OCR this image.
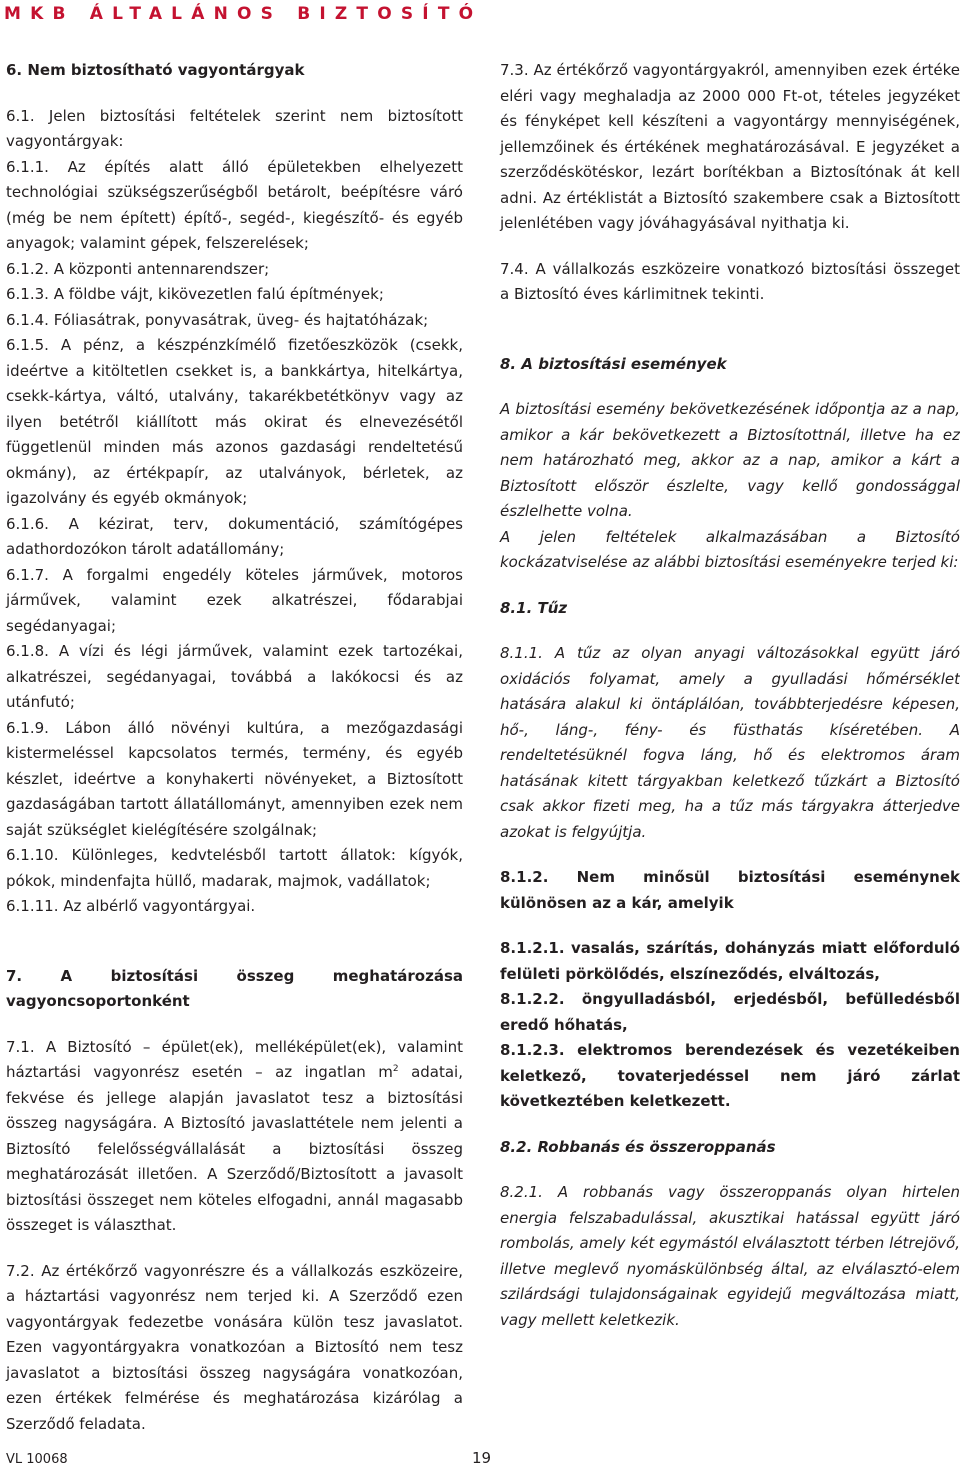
MKB ÁLTALÁNOS BIZTOSÍTÓ

6. Nem biztosítható vagyontárgyak

6.1. Jelen biztosítási feltételek szerint nem biztosított vagyontárgyak:

6.1.1. Az építés alatt álló épületekben elhelyezett technológiai szükségszerűségből betárolt, beépítésre váró (még be nem épített) építő-, segéd-, kiegészítő- és egyéb anyagok; valamint gépek, felszerelések;

6.1.2. A központi antennarendszer;

6.1.3. A földbe vájt, kikövezetlen falú építmények;

6.1.4. Fóliasátrak, ponyvasátrak, üveg- és hajtatóházak;

6.1.5. A pénz, a készpénzkímélő fizetőeszközök (csekk, ideértve a kitöltetlen csekket is, a bankkártya, hitelkártya, csekk-kártya, váltó, utalvány, takarékbetétkönyv vagy az ilyen betétről kiállított más okirat és elnevezésétől függetlenül minden más azonos gazdasági rendeltetésű okmány), az értékpapír, az utalványok, bérletek, az igazolvány és egyéb okmányok;

6.1.6. A kézirat, terv, dokumentáció, számítógépes adathordozókon tárolt adatállomány;

6.1.7. A forgalmi engedély köteles járművek, motoros járművek, valamint ezek alkatrészei, fődarabjai segédanyagai;

6.1.8. A vízi és légi járművek, valamint ezek tartozékai, alkatrészei, segédanyagai, továbbá a lakókocsi és az utánfutó;

6.1.9. Lábon álló növényi kultúra, a mezőgazdasági kistermeléssel kapcsolatos termés, termény, és egyéb készlet, ideértve a konyhakerti növényeket, a Biztosított gazdaságában tartott állatállományt, amennyiben ezek nem saját szükséglet kielégítésére szolgálnak;

6.1.10. Különleges, kedvtelésből tartott állatok: kígyók, pókok, mindenfajta hüllő, madarak, majmok, vadállatok;

6.1.11. Az albérlő vagyontárgyai.

7. A biztosítási összeg meghatározása vagyoncsoportonként

7.1. A Biztosító – épület(ek), melléképület(ek), valamint háztartási vagyonrész esetén – az ingatlan $m^2$ adatai, fekvése és jellege alapján javaslatot tesz a biztosítási összeg nagyságára. A Biztosító javaslattétele nem jelenti a Biztosító felelősségvállalását a biztosítási összeg meghatározását illetően. A Szerződő/Biztosított a javasolt biztosítási összeget nem köteles elfogadni, annál magasabb összeget is választhat.

7.2. Az értékőrző vagyonrészre és a vállalkozás eszközeire, a háztartási vagyonrész nem terjed ki. A Szerződő ezen vagyontárgyak fedezetbe vonására külön tesz javaslatot. Ezen vagyontárgyakra vonatkozóan a Biztosító nem tesz javaslatot a biztosítási összeg nagyságára vonatkozóan, ezen értékek felmérése és meghatározása kizárólag a Szerződő feladata.

7.3. Az értékőrző vagyontárgyakról, amennyiben ezek értéke eléri vagy meghaladja az 2000 000 Ft-ot, tételes jegyzéket és fényképet kell készíteni a vagyontárgy mennyiségének, jellemzőinek és értékének meghatározásával. E jegyzéket a szerződéskötéskor, lezárt borítékban a Biztosítónak át kell adni. Az értéklistát a Biztosító szakembere csak a Biztosított jelenlétében vagy jóváhagyásával nyithatja ki.

7.4. A vállalkozás eszközeire vonatkozó biztosítási összeget a Biztosító éves kárlimitnek tekinti.

8. A biztosítási események

A biztosítási esemény bekövetkezésének időpontja az a nap, amikor a kár bekövetkezett a Biztosítottnál, illetve ha ez nem határozható meg, akkor az a nap, amikor a kárt a Biztosított először észlelte, vagy kellő gondossággal észlelhette volna.

A jelen feltételek alkalmazásában a Biztosító kockázatviselése az alábbi biztosítási eseményekre terjed ki:

8.1. Tűz

8.1.1. A tűz az olyan anyagi változásokkal együtt járó oxidációs folyamat, amely a gyulladási hőmérséklet hatására alakul ki öntáplálóan, továbbterjedésre képesen, hő-, láng-, fény- és füsthatás kíséretében. A rendeltetésüknél fogva láng, hő és elektromos áram hatásának kitett tárgyakban keletkező tűzkárt a Biztosító csak akkor fizeti meg, ha a tűz más tárgyakra átterjedve azokat is felgyújtja.

8.1.2. Nem minősül biztosítási eseménynek különösen az a kár, amelyik

8.1.2.1. vasalás, szárítás, dohányzás miatt előforduló felületi pörkölődés, elszíneződés, elváltozás,

8.1.2.2. öngyulladásból, erjedésből, befülledésből eredő hőhatás,

8.1.2.3. elektromos berendezések és vezetékeiben keletkező, tovaterjedéssel nem járó zárlat következtében keletkezett.

8.2. Robbanás és összeroppanás

8.2.1. A robbanás vagy összeroppanás olyan hirtelen energia felszabadulással, akusztikai hatással együtt járó rombolás, amely két egymástól elválasztott térben létrejövő, illetve meglevő nyomáskülönbség által, az elválasztó-elem szilárdsági tulajdonságainak egyidejű megváltozása miatt, vagy mellett keletkezik.

VL 10068	19
